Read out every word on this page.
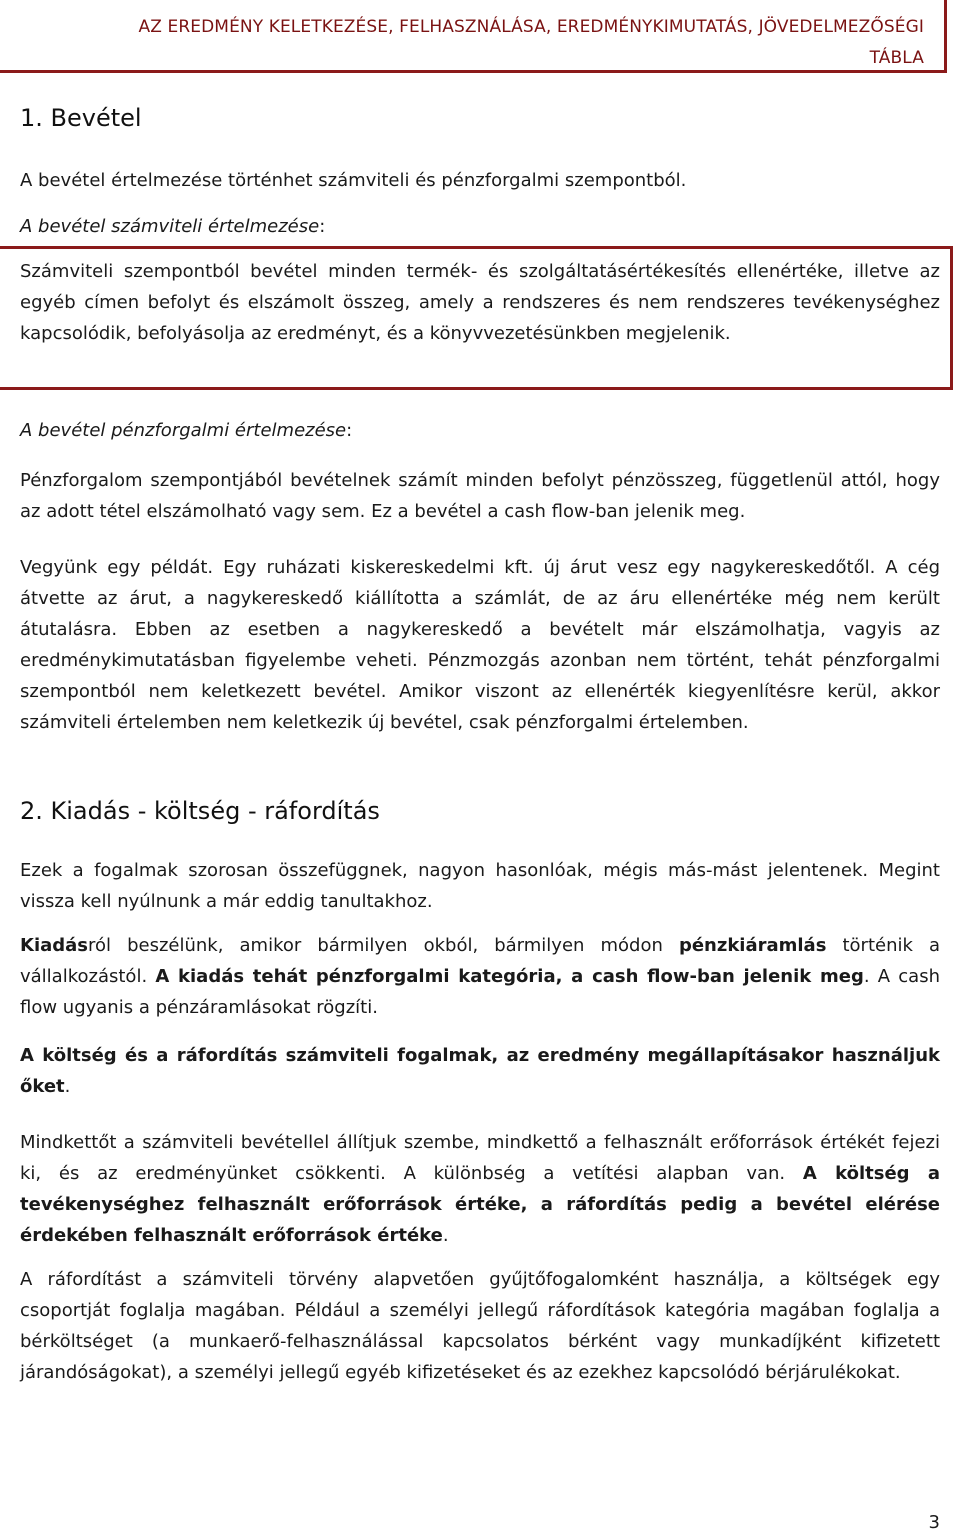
AZ EREDMÉNY KELETKEZÉSE, FELHASZNÁLÁSA, EREDMÉNYKIMUTATÁS, JÖVEDELMEZŐSÉGI
TÁBLA
1. Bevétel
A bevétel értelmezése történhet számviteli és pénzforgalmi szempontból.
A bevétel számviteli értelmezése:
Számviteli szempontból bevétel minden termék- és szolgáltatásértékesítés ellenértéke, illetve az egyéb címen befolyt és elszámolt összeg, amely a rendszeres és nem rendszeres tevékenységhez kapcsolódik, befolyásolja az eredményt, és a könyvvezetésünkben megjelenik.
A bevétel pénzforgalmi értelmezése:
Pénzforgalom szempontjából bevételnek számít minden befolyt pénzösszeg, függetlenül attól, hogy az adott tétel elszámolható vagy sem. Ez a bevétel a cash flow-ban jelenik meg.
Vegyünk egy példát. Egy ruházati kiskereskedelmi kft. új árut vesz egy nagykereskedőtől. A cég átvette az árut, a nagykereskedő kiállította a számlát, de az áru ellenértéke még nem került átutalásra. Ebben az esetben a nagykereskedő a bevételt már elszámolhatja, vagyis az eredménykimutatásban figyelembe veheti. Pénzmozgás azonban nem történt, tehát pénzforgalmi szempontból nem keletkezett bevétel. Amikor viszont az ellenérték kiegyenlítésre kerül, akkor számviteli értelemben nem keletkezik új bevétel, csak pénzforgalmi értelemben.
2. Kiadás - költség - ráfordítás
Ezek a fogalmak szorosan összefüggnek, nagyon hasonlóak, mégis más-mást jelentenek. Megint vissza kell nyúlnunk a már eddig tanultakhoz.
Kiadásról beszélünk, amikor bármilyen okból, bármilyen módon pénzkiáramlás történik a vállalkozástól. A kiadás tehát pénzforgalmi kategória, a cash flow-ban jelenik meg. A cash flow ugyanis a pénzáramlásokat rögzíti.
A költség és a ráfordítás számviteli fogalmak, az eredmény megállapításakor használjuk őket.
Mindkettőt a számviteli bevétellel állítjuk szembe, mindkettő a felhasznált erőforrások értékét fejezi ki, és az eredményünket csökkenti. A különbség a vetítési alapban van. A költség a tevékenységhez felhasznált erőforrások értéke, a ráfordítás pedig a bevétel elérése érdekében felhasznált erőforrások értéke.
A ráfordítást a számviteli törvény alapvetően gyűjtőfogalomként használja, a költségek egy csoportját foglalja magában. Például a személyi jellegű ráfordítások kategória magában foglalja a bérköltséget (a munkaerő-felhasználással kapcsolatos bérként vagy munkadíjként kifizetett járandóságokat), a személyi jellegű egyéb kifizetéseket és az ezekhez kapcsolódó bérjárulékokat.
3
